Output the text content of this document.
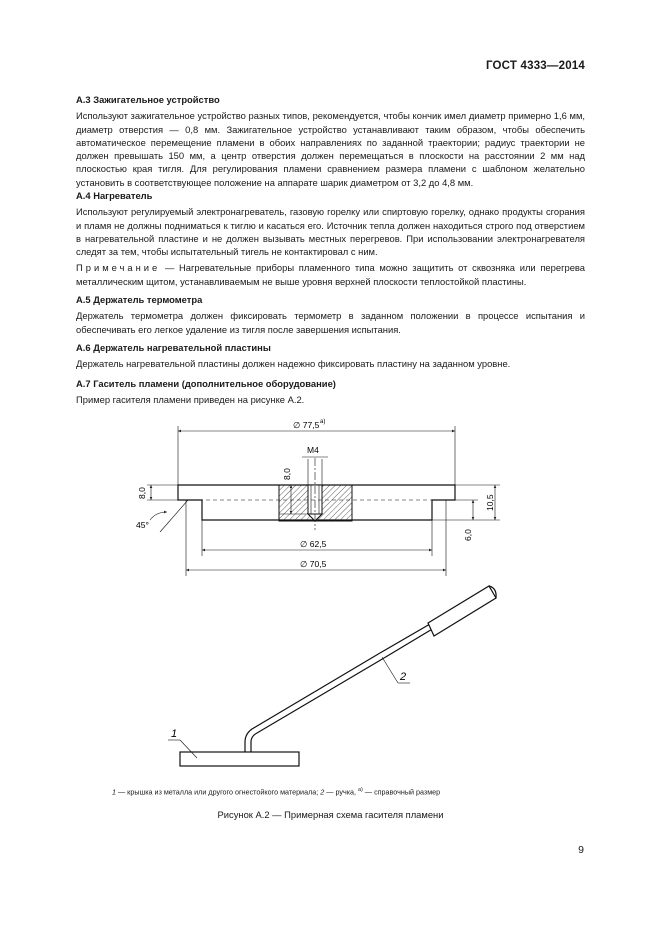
ГОСТ 4333—2014

А.3 Зажигательное устройство

Используют зажигательное устройство разных типов, рекомендуется, чтобы кончик имел диаметр примерно 1,6 мм, диаметр отверстия — 0,8 мм. Зажигательное устройство устанавливают таким образом, чтобы обеспечить автоматическое перемещение пламени в обоих направлениях по заданной траектории; радиус траектории не должен превышать 150 мм, а центр отверстия должен перемещаться в плоскости на расстоянии 2 мм над плоскостью края тигля. Для регулирования пламени сравнением размера пламени с шаблоном желательно установить в соответствующее положение на аппарате шарик диаметром от 3,2 до 4,8 мм.

А.4 Нагреватель

Используют регулируемый электронагреватель, газовую горелку или спиртовую горелку, однако продукты сгорания и пламя не должны подниматься к тиглю и касаться его. Источник тепла должен находиться строго под отверстием в нагревательной пластине и не должен вызывать местных перегревов. При использовании электронагревателя следят за тем, чтобы испытательный тигель не контактировал с ним.

Примечание — Нагревательные приборы пламенного типа можно защитить от сквозняка или перегрева металлическим щитом, устанавливаемым не выше уровня верхней плоскости теплостойкой пластины.

А.5 Держатель термометра

Держатель термометра должен фиксировать термометр в заданном положении в процессе испытания и обеспечивать его легкое удаление из тигля после завершения испытания.

А.6 Держатель нагревательной пластины

Держатель нагревательной пластины должен надежно фиксировать пластину на заданном уровне.

А.7 Гаситель пламени (дополнительное оборудование)

Пример гасителя пламени приведен на рисунке А.2.

∅ 77,5 а)
М4
8,0
8,0
45°
10,5
6,0
∅ 62,5
∅ 70,5
1
2
1 — крышка из металла или другого огнестойкого материала; 2 — ручка, $^{а)}$ — справочный размер
Рисунок А.2 — Примерная схема гасителя пламени
9
